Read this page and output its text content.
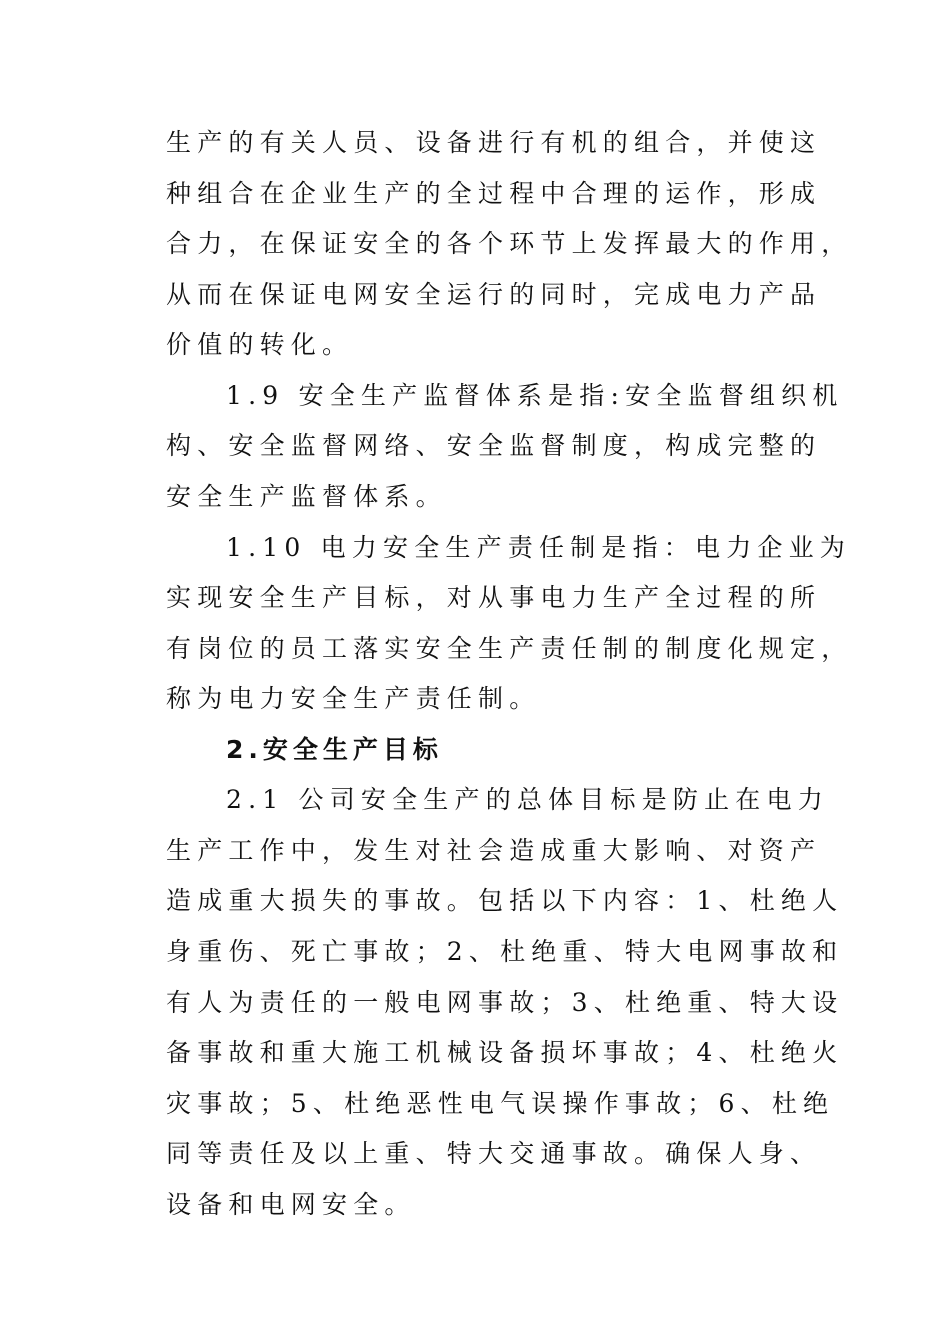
生产的有关人员、设备进行有机的组合，并使这

种组合在企业生产的全过程中合理的运作，形成

合力，在保证安全的各个环节上发挥最大的作用，

从而在保证电网安全运行的同时，完成电力产品

价值的转化。

1.9 安全生产监督体系是指:安全监督组织机

构、安全监督网络、安全监督制度，构成完整的

安全生产监督体系。

1.10 电力安全生产责任制是指：电力企业为

实现安全生产目标，对从事电力生产全过程的所

有岗位的员工落实安全生产责任制的制度化规定，

称为电力安全生产责任制。

2.安全生产目标

2.1 公司安全生产的总体目标是防止在电力

生产工作中，发生对社会造成重大影响、对资产

造成重大损失的事故。包括以下内容：1、杜绝人

身重伤、死亡事故；2、杜绝重、特大电网事故和

有人为责任的一般电网事故；3、杜绝重、特大设

备事故和重大施工机械设备损坏事故；4、杜绝火

灾事故；5、杜绝恶性电气误操作事故；6、杜绝

同等责任及以上重、特大交通事故。确保人身、

设备和电网安全。
